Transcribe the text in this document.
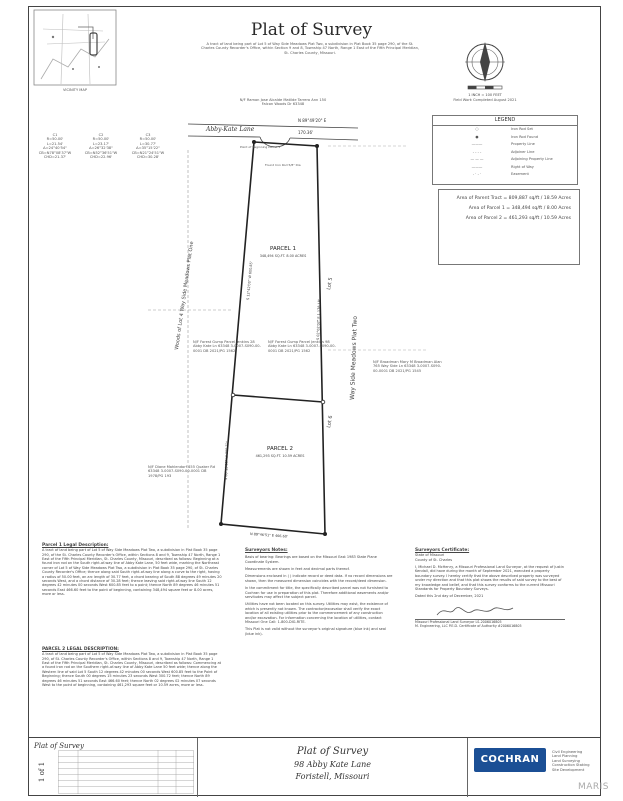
Plat of Survey
VICINITY MAP
A tract of land being part of Lot 5 of Way Side Meadows Plat Two, a subdivision in Plat Book 35 page 290, of the St. Charles County Recorder's Office, within Section 9 and 8, Township 47 North, Range 1 East of the Fifth Principal Meridian, St. Charles County, Missouri.
1 INCH = 100 FEET
Field Work Completed August 2021
C1
R=50.00'
L=21.54'
Δ=24°40'54"
CB=N78°08'37"W
CHD=21.37'
C2
R=50.00'
L=23.17'
Δ=26°32'38"
CB=N52°36'51"W
CHD=22.96'
C3
R=50.00'
L=30.77'
Δ=35°15'22"
CB=N21°24'51"W
CHD=30.28'
N/F Ramon Jose Alcalde Matilde Tarrero Ann 150 Falcon Woods Dr 63348
LEGEND
○	Iron Rod Set
●	Iron Rod Found
———	Property Line
- - - -	Adjoiner Line
— — —	Adjoining Property Line
———	Right of Way
- · - ·	Easement
Area of Parent Tract = 809,887 sq/ft / 18.59 Acres
Area of Parcel 1 = 348,494 sq/ft / 8.00 Acres
Area of Parcel 2 = 461,293 sq/ft / 10.59 Acres
Abby-Kate Lane
N 89°49'20" E
170.36'
PARCEL 1
348,494 SQ.FT. 8.00 ACRES
PARCEL 2
461,293 SQ.FT. 10.59 ACRES
Lot 5
Lot 6
Woods of Lot 4 Way Side Meadows Plat One
Way Side Meadows Plat Two
S 02°02'07" E 1,178.18'
S 12°42'00" W 600.85'
S 00°15'23" W 300.72'
N 89°46'51" E 466.60'
Point of Beginning Parcel 1
Found Iron Rod 5/8" Dia
N/F Forest Gump Parcel Jenkins 28 Abby Kate Ln 63348 3-0007-S090-00-0001 DB 2021/PG 1562
N/F Forest Gump Parcel Jenkins 98 Abby Kate Ln 63348 3-0007-S090-00-0001 DB 2021/PG 1562
N/F Broadman Mary M Broadman Alan 765 Way Side Ln 63348 3-0007-S090-00-0001 DB 2021/PG 1545
N/F Diane Mahlendorf 455 Quaker Rd 63348 3-0007-S090-00-0001 DB 1978/PG 193
Parcel 1 Legal Description:
A tract of land being part of Lot 5 of Way Side Meadows Plat Two, a subdivision in Plat Book 35 page 290, of the St. Charles County Recorder's Office, within Sections 8 and 9, Township 47 North, Range 1 East of the Fifth Principal Meridian, St. Charles County, Missouri, described as follows: Beginning at a found iron rod on the South right-of-way line of Abby Kate Lane, 50 feet wide, marking the Northeast corner of Lot 5 of Way Side Meadows Plat Two, a subdivision in Plat Book 35 page 290, of St. Charles County Recorder's Office; thence along said South right-of-way line along a curve to the right, having a radius of 50.00 feet, an arc length of 30.77 feet, a chord bearing of South 88 degrees 49 minutes 20 seconds West, and a chord distance of 30.28 feet; thence leaving said right-of-way line South 12 degrees 42 minutes 00 seconds West 600.85 feet to a point; thence North 89 degrees 46 minutes 51 seconds East 466.60 feet to the point of beginning, containing 348,494 square feet or 8.00 acres, more or less.
PARCEL 2 LEGAL DESCRIPTION:
A tract of land being part of Lot 5 of Way Side Meadows Plat Two, a subdivision in Plat Book 35 page 290, of St. Charles County Recorder's Office, within Sections 8 and 9, Township 47 North, Range 1 East of the Fifth Principal Meridian, St. Charles County, Missouri, described as follows: Commencing at a found iron rod on the Southern right-of-way line of Abby Kate Lane 50 feet wide; thence along the Western line of said Lot 5 South 12 degrees 42 minutes 00 seconds West 600.85 feet to the Point of Beginning; thence South 00 degrees 15 minutes 23 seconds West 300.72 feet; thence North 89 degrees 46 minutes 51 seconds East 466.60 feet; thence North 02 degrees 02 minutes 07 seconds West to the point of beginning, containing 461,293 square feet or 10.59 acres, more or less.
Surveyors Notes:
Basis of bearing: Bearings are based on the Missouri East 1983 State Plane Coordinate System.
Measurements are shown in feet and decimal parts thereof.
Dimensions enclosed in ( ) indicate record or deed data. If no record dimensions are shown, then the measured dimension coincides with the record/deed dimension.
In the commitment for title, the specifically described parcel was not furnished to Cochran for use in preparation of this plat. Therefore additional easements and/or servitudes may affect the subject parcel.
Utilities have not been located on this survey. Utilities may exist, the existence of which is presently not known. The contractor/excavator shall verify the exact location of all existing utilities prior to the commencement of any construction and/or excavation. For information concerning the location of utilities, contact Missouri One Call: 1-800-DIG-RITE.
This Plat is not valid without the surveyor's original signature (blue ink) and seal (blue ink).
Surveyors Certificate:
State of Missouri
County of St. Charles
I, Michael D. McHenry, a Missouri Professional Land Surveyor, at the request of Justin Kendall, did have during the month of September 2021, executed a property boundary survey. I hereby certify that the above described property was surveyed under my direction and that this plat shows the results of said survey to the best of my knowledge and belief, and that this survey conforms to the current Missouri Standards for Property Boundary Surveys.
Dated this 2nd day of December, 2021
Missouri Professional Land Surveyor LS-2006016805
M. Engineering, LLC P.E.D. Certificate of Authority #2006016805
Plat of Survey
1 of 1
Plat of Survey
98 Abby Kate Lane
Foristell, Missouri
COCHRAN
Civil Engineering
Land Planning
Land Surveying
Construction Staking
Site Development
MARIS
